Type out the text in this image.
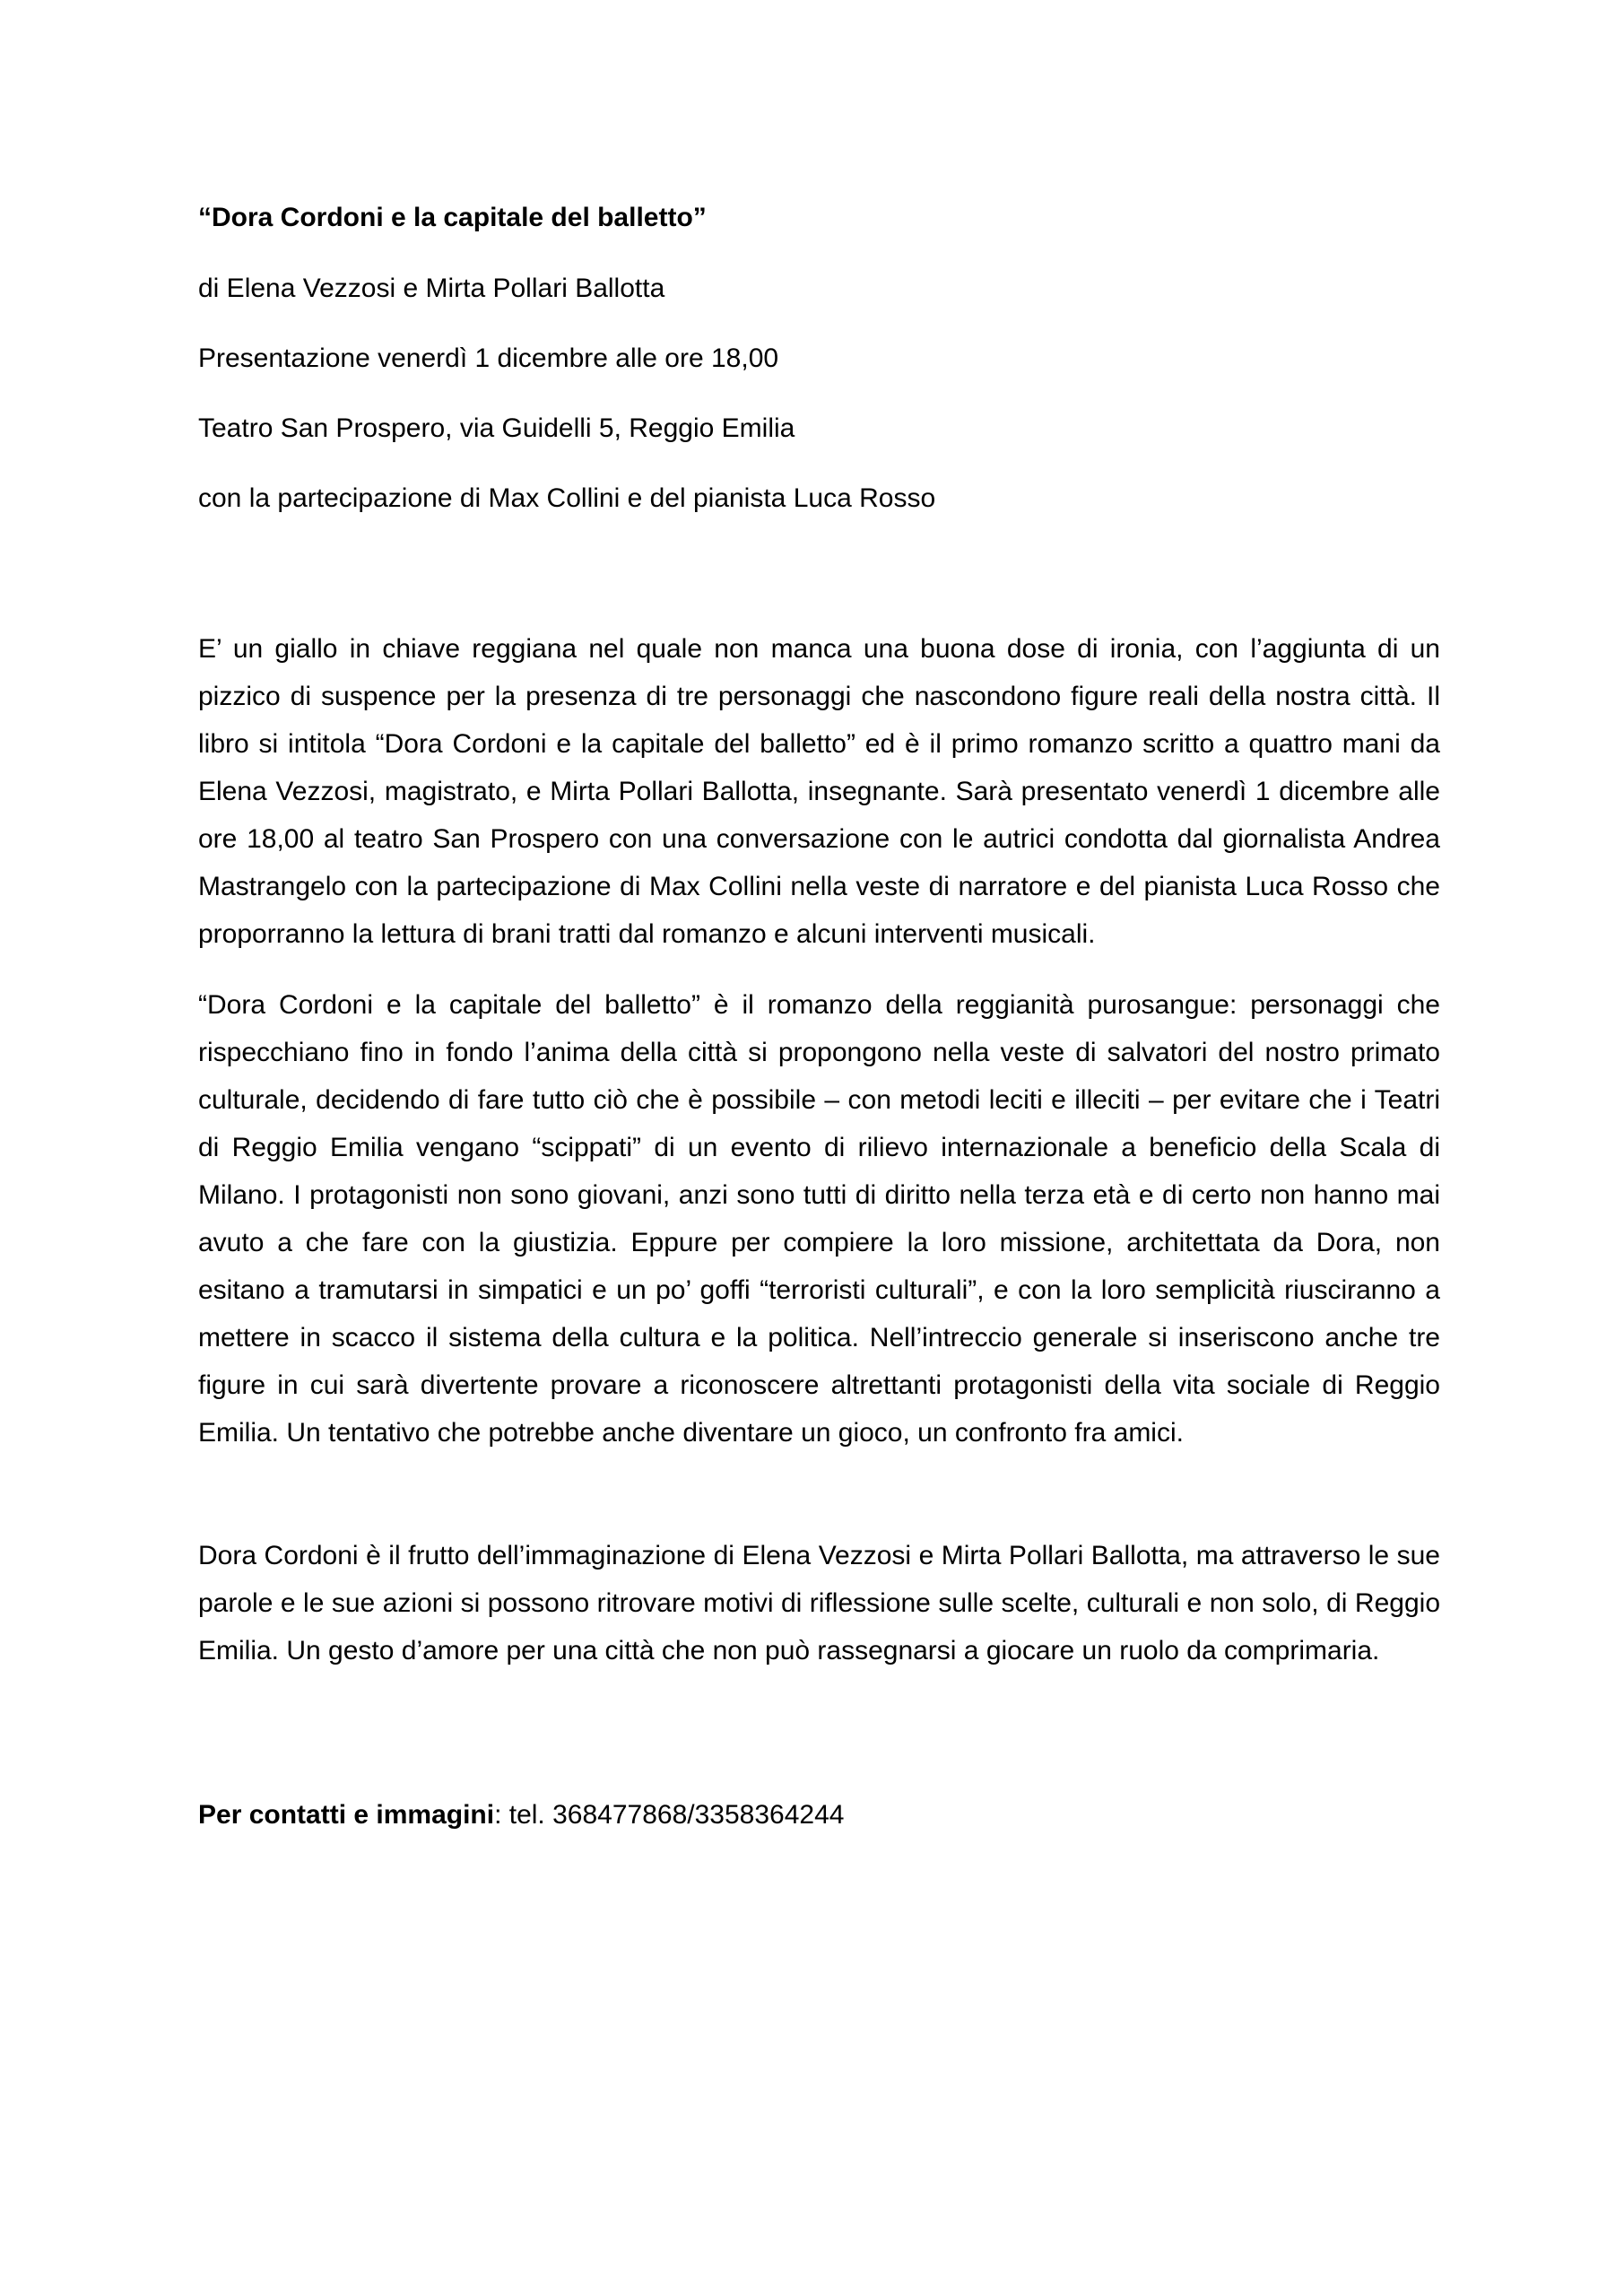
“Dora Cordoni e la capitale del balletto”

di Elena Vezzosi e Mirta Pollari Ballotta

Presentazione venerdì 1 dicembre alle ore 18,00

Teatro San Prospero, via Guidelli 5, Reggio Emilia

con la partecipazione di Max Collini e del pianista Luca Rosso

E’ un giallo in chiave reggiana nel quale non manca una buona dose di ironia, con l’aggiunta di un pizzico di suspence per la presenza di tre personaggi che nascondono figure reali della nostra città. Il libro si intitola “Dora Cordoni e la capitale del balletto” ed è il primo romanzo scritto a quattro mani da Elena Vezzosi, magistrato, e Mirta Pollari Ballotta, insegnante. Sarà presentato venerdì 1 dicembre alle ore 18,00 al teatro San Prospero con una conversazione con le autrici condotta dal giornalista Andrea Mastrangelo con la partecipazione di Max Collini nella veste di narratore e del pianista Luca Rosso che proporranno la lettura di brani tratti dal romanzo e alcuni interventi musicali.

“Dora Cordoni e la capitale del balletto” è il romanzo della reggianità purosangue: personaggi che rispecchiano fino in fondo l’anima della città si propongono nella veste di salvatori del nostro primato culturale, decidendo di fare tutto ciò che è possibile – con metodi leciti e illeciti – per evitare che i Teatri di Reggio Emilia vengano “scippati” di un evento di rilievo internazionale a beneficio della Scala di Milano. I protagonisti non sono giovani, anzi sono tutti di diritto nella terza età e di certo non hanno mai avuto a che fare con la giustizia. Eppure per compiere la loro missione, architettata da Dora, non esitano a tramutarsi in simpatici e un po’ goffi “terroristi culturali”, e con la loro semplicità riusciranno a mettere in scacco il sistema della cultura e la politica. Nell’intreccio generale si inseriscono anche tre figure in cui sarà divertente provare a riconoscere altrettanti protagonisti della vita sociale di Reggio Emilia. Un tentativo che potrebbe anche diventare un gioco, un confronto fra amici.

Dora Cordoni è il frutto dell’immaginazione di Elena Vezzosi e Mirta Pollari Ballotta, ma attraverso le sue parole e le sue azioni si possono ritrovare motivi di riflessione sulle scelte, culturali e non solo, di Reggio Emilia. Un gesto d’amore per una città che non può rassegnarsi a giocare un ruolo da comprimaria.

Per contatti e immagini: tel. 368477868/3358364244
